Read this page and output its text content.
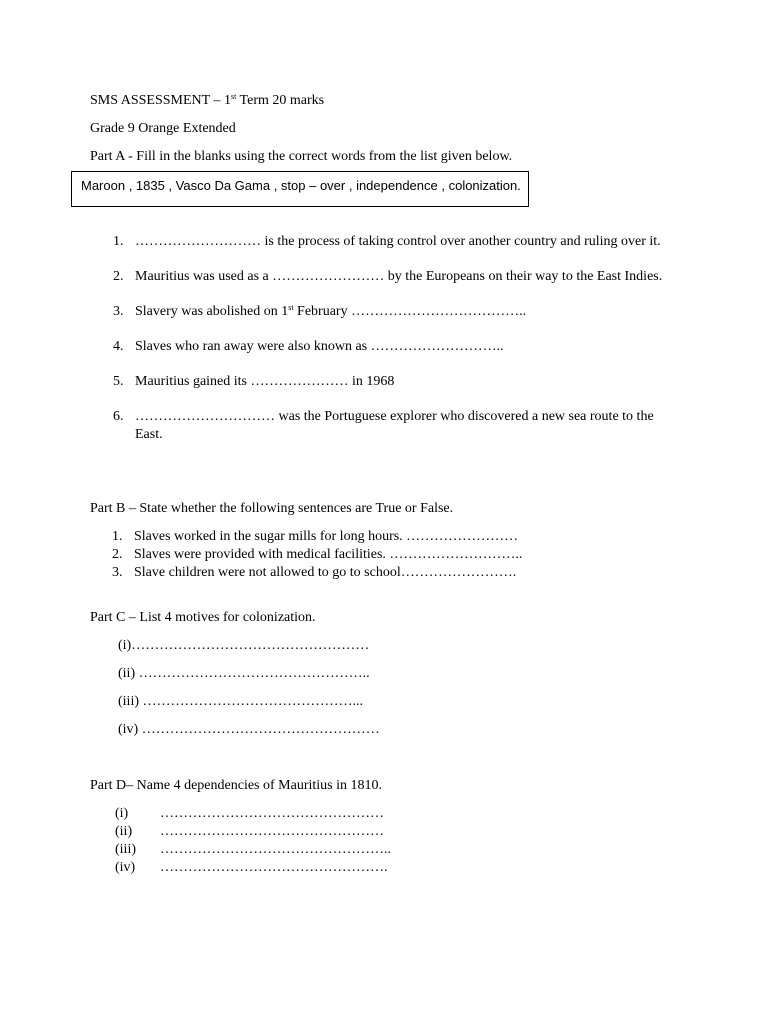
SMS ASSESSMENT – 1st Term 20 marks
Grade 9 Orange Extended
Part A - Fill in the blanks using the correct words from the list given below.
Maroon , 1835 , Vasco Da Gama , stop – over , independence , colonization.
1. ……………………… is the process of taking control over another country and ruling over it.
2. Mauritius was used as a …………………… by the Europeans on their way to the East Indies.
3. Slavery was abolished on 1st February ………………………………..
4. Slaves who ran away were also known as ………………………..
5. Mauritius gained its ………………… in 1968
6. ………………………… was the Portuguese explorer who discovered a new sea route to the
East.
Part B – State whether the following sentences are True or False.
1. Slaves worked in the sugar mills for long hours. ……………………
2. Slaves were provided with medical facilities. ………………………..
3. Slave children were not allowed to go to school…………………….
Part C – List 4 motives for colonization.
(i)……………………………………………
(ii) …………………………………………..
(iii) ………………………………………...
(iv) ……………………………………………
Part D– Name 4 dependencies of Mauritius in 1810.
(i) …………………………………………
(ii) …………………………………………
(iii) …………………………………………..
(iv) ………………………………………….
